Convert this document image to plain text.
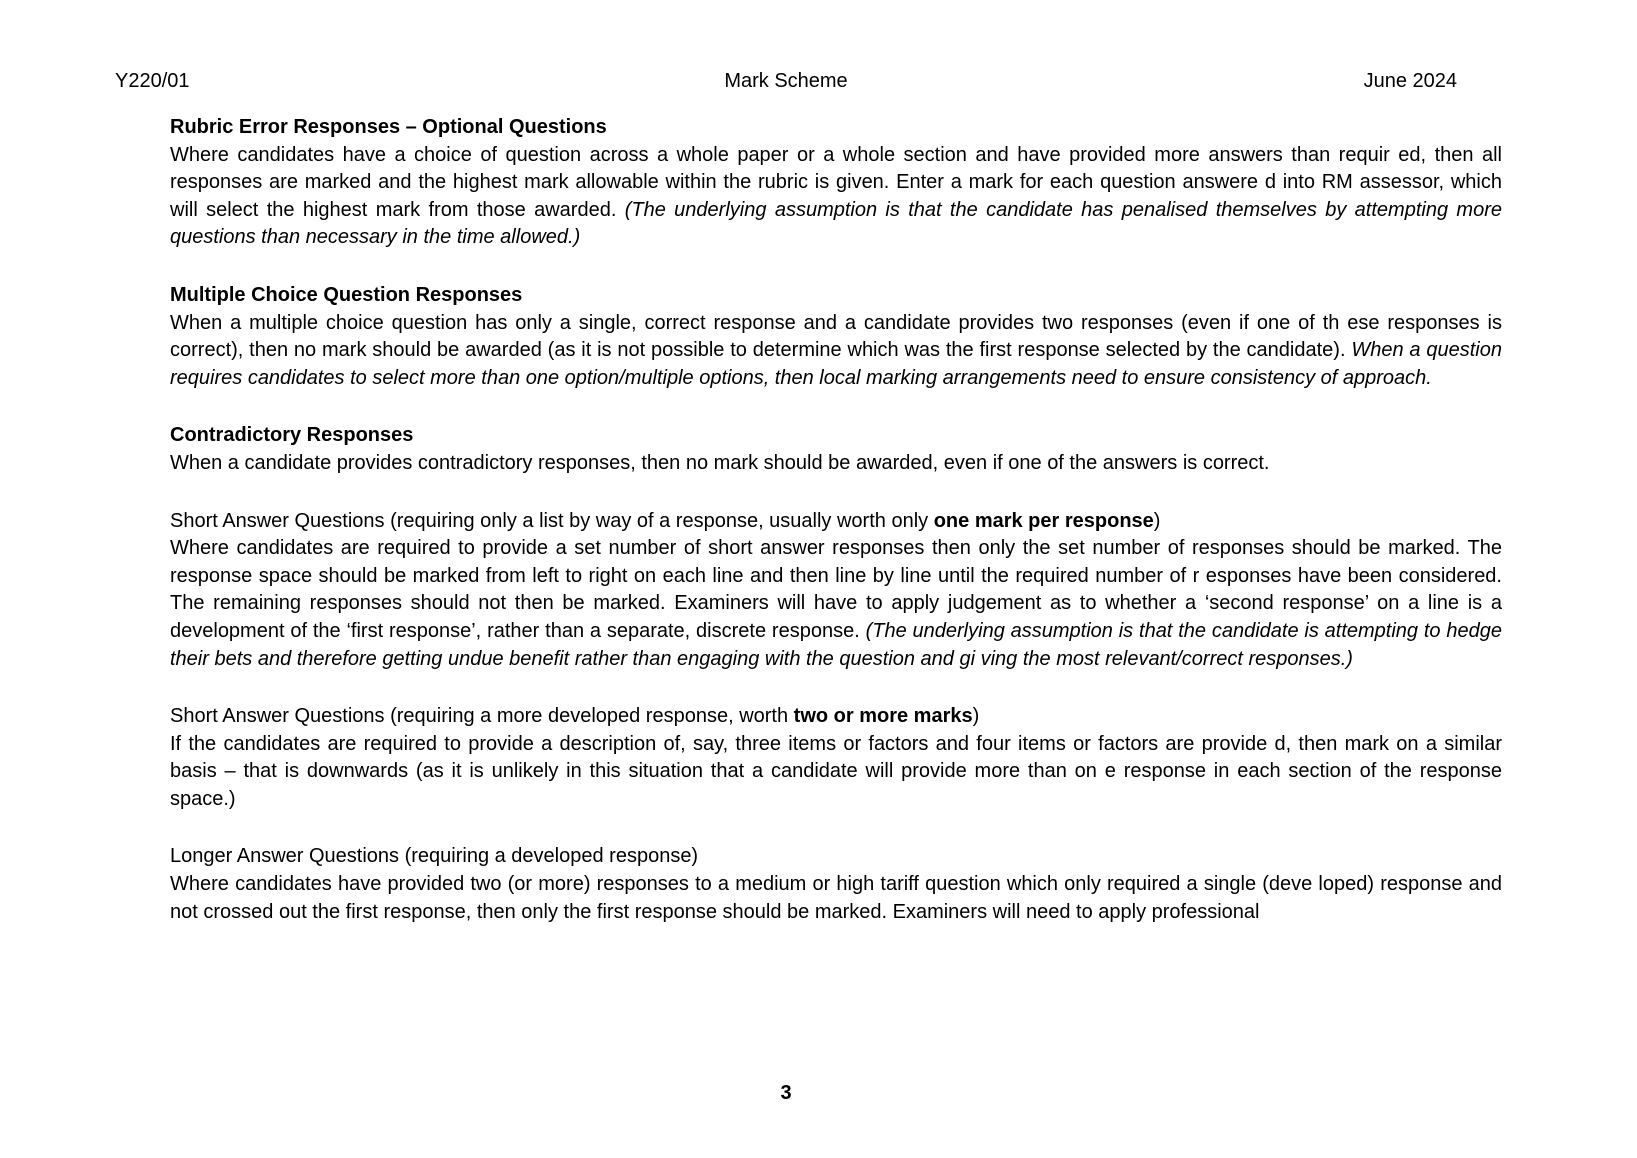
Y220/01	Mark Scheme	June 2024

Rubric Error Responses – Optional Questions

Where candidates have a choice of question across a whole paper or a whole section and have provided more answers than requir ed, then all responses are marked and the highest mark allowable within the rubric is given. Enter a mark for each question answere d into RM assessor, which will select the highest mark from those awarded. (The underlying assumption is that the candidate has penalised themselves by attempting more questions than necessary in the time allowed.)

Multiple Choice Question Responses

When a multiple choice question has only a single, correct response and a candidate provides two responses (even if one of th ese responses is correct), then no mark should be awarded (as it is not possible to determine which was the first response selected by the candidate). When a question requires candidates to select more than one option/multiple options, then local marking arrangements need to ensure consistency of approach.

Contradictory Responses

When a candidate provides contradictory responses, then no mark should be awarded, even if one of the answers is correct.

Short Answer Questions (requiring only a list by way of a response, usually worth only one mark per response)

Where candidates are required to provide a set number of short answer responses then only the set number of responses should be marked. The response space should be marked from left to right on each line and then line by line until the required number of r esponses have been considered. The remaining responses should not then be marked. Examiners will have to apply judgement as to whether a ‘second response’ on a line is a development of the ‘first response’, rather than a separate, discrete response. (The underlying assumption is that the candidate is attempting to hedge their bets and therefore getting undue benefit rather than engaging with the question and gi ving the most relevant/correct responses.)

Short Answer Questions (requiring a more developed response, worth two or more marks)

If the candidates are required to provide a description of, say, three items or factors and four items or factors are provide d, then mark on a similar basis – that is downwards (as it is unlikely in this situation that a candidate will provide more than on e response in each section of the response space.)

Longer Answer Questions (requiring a developed response)

Where candidates have provided two (or more) responses to a medium or high tariff question which only required a single (deve loped) response and not crossed out the first response, then only the first response should be marked. Examiners will need to apply professional

3
